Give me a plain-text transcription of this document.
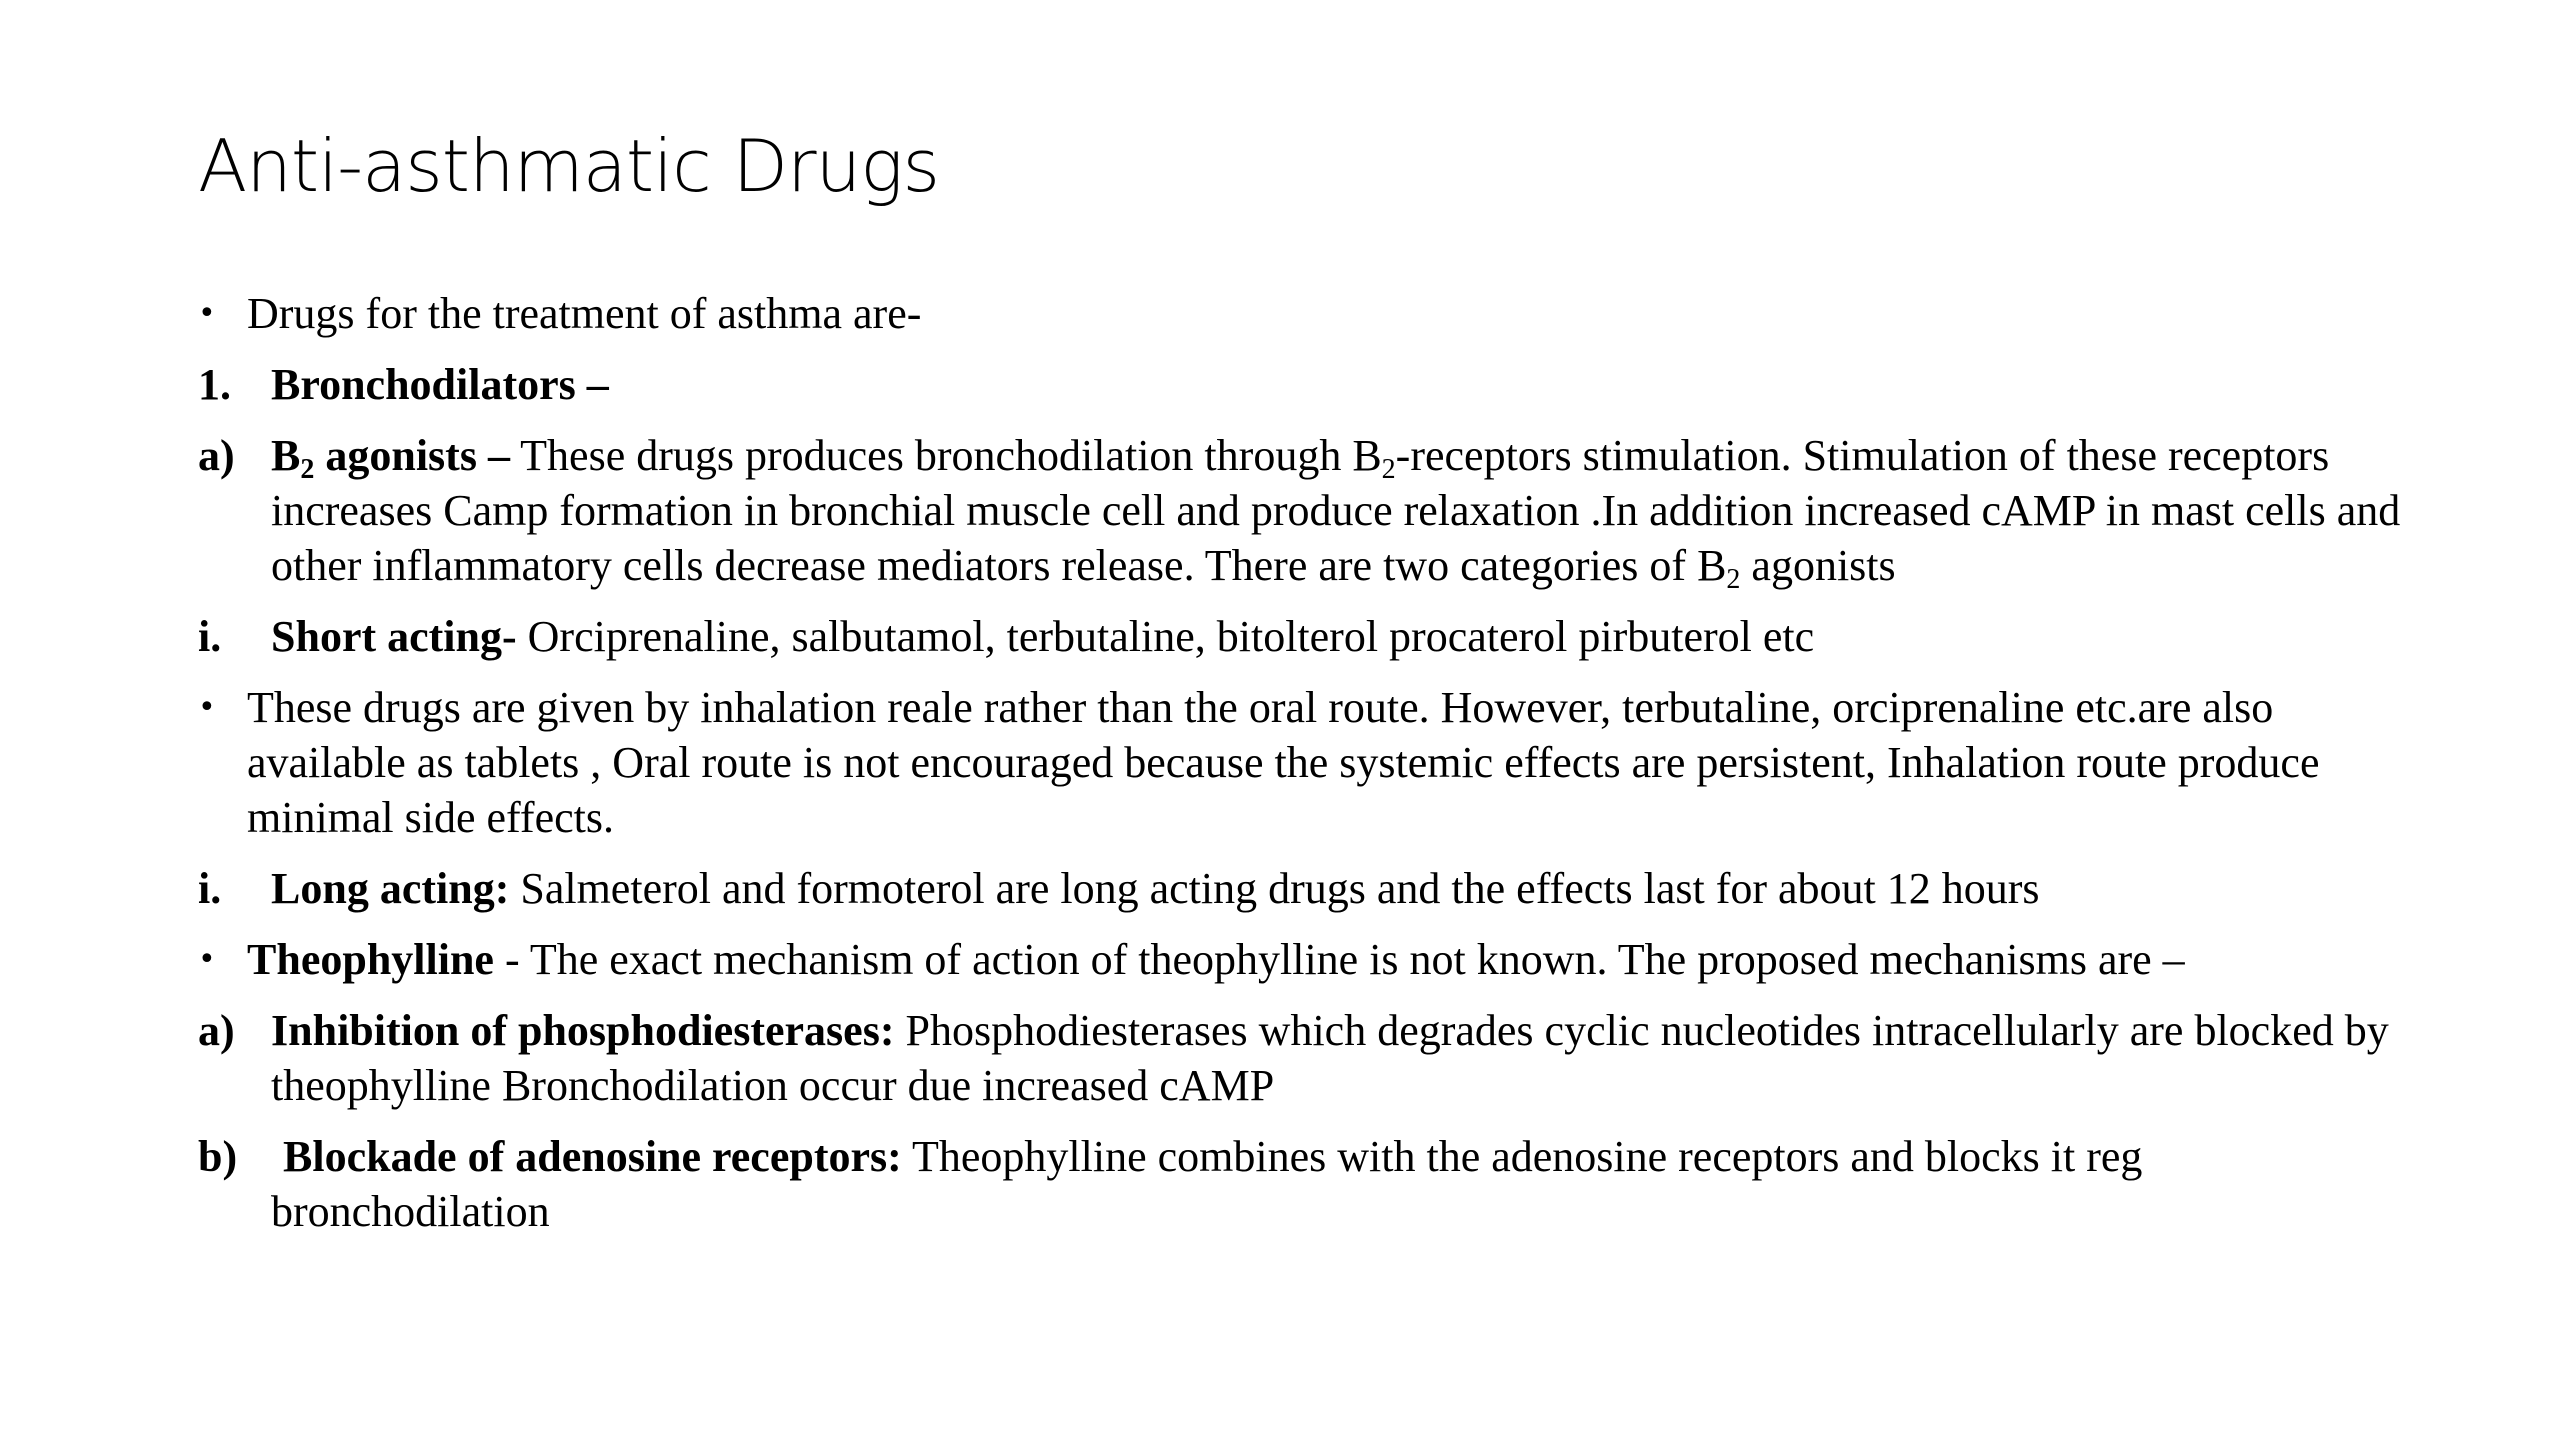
Anti-asthmatic Drugs
• Drugs for the treatment of asthma are-
1. Bronchodilators –
a) $B_2$ agonists – These drugs produces bronchodilation through $B_2$-receptors stimulation. Stimulation of these receptors increases Camp formation in bronchial muscle cell and produce relaxation .In addition increased cAMP in mast cells and other inflammatory cells decrease mediators release. There are two categories of $B_2$ agonists
i. Short acting- Orciprenaline, salbutamol, terbutaline, bitolterol procaterol pirbuterol etc
• These drugs are given by inhalation reale rather than the oral route. However, terbutaline, orciprenaline etc.are also available as tablets , Oral route is not encouraged because the systemic effects are persistent, Inhalation route produce minimal side effects.
i. Long acting: Salmeterol and formoterol are long acting drugs and the effects last for about 12 hours
• Theophylline - The exact mechanism of action of theophylline is not known. The proposed mechanisms are –
a) Inhibition of phosphodiesterases: Phosphodiesterases which degrades cyclic nucleotides intracellularly are blocked by theophylline Bronchodilation occur due increased cAMP
b) Blockade of adenosine receptors: Theophylline combines with the adenosine receptors and blocks it reg bronchodilation
